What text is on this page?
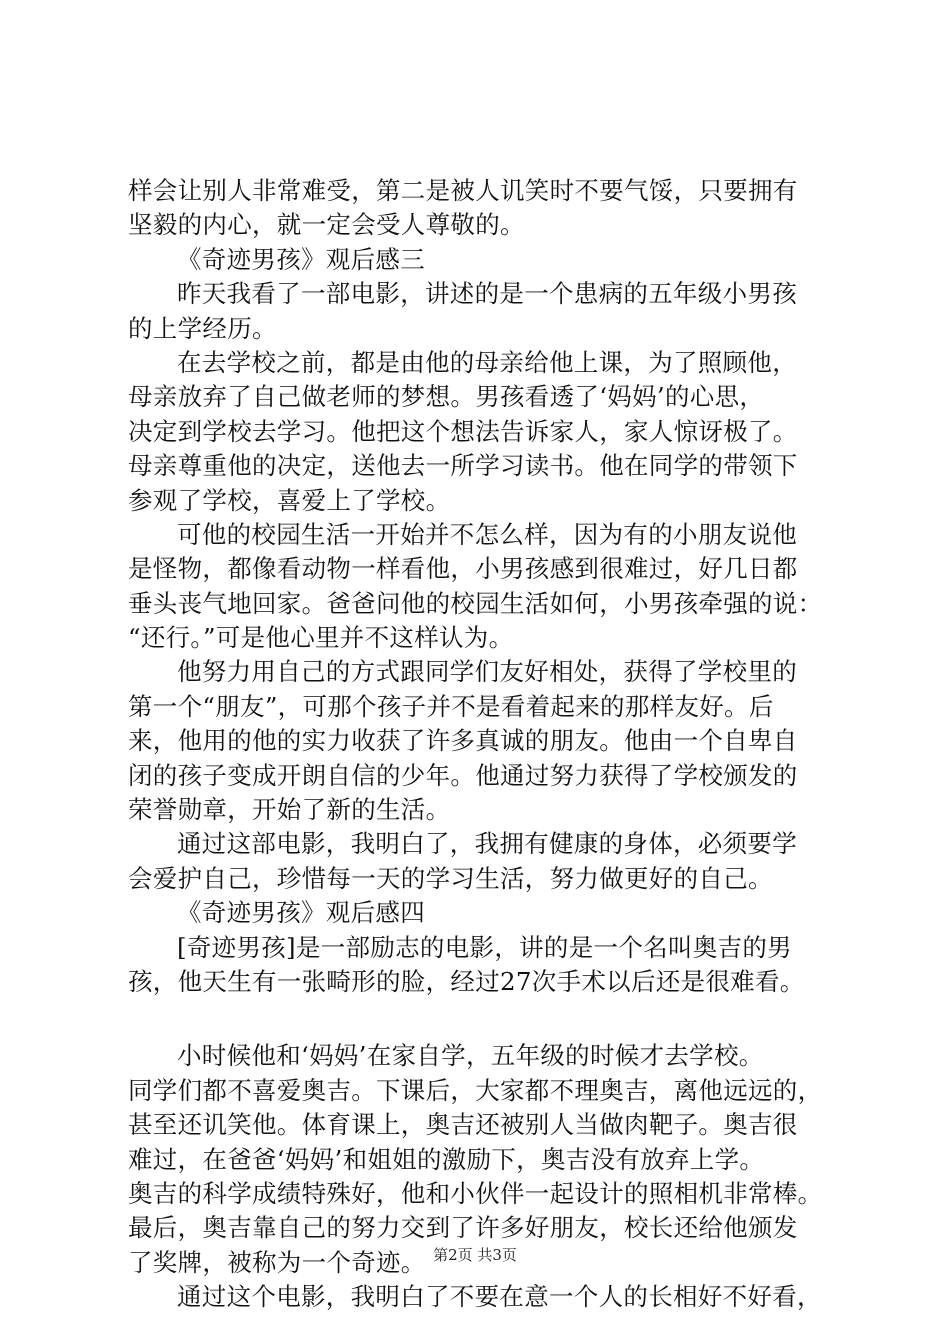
样会让别人非常难受，第二是被人讥笑时不要气馁，只要拥有
坚毅的内心，就一定会受人尊敬的。
《奇迹男孩》观后感三
昨天我看了一部电影，讲述的是一个患病的五年级小男孩
的上学经历。
在去学校之前，都是由他的母亲给他上课，为了照顾他，
母亲放弃了自己做老师的梦想。男孩看透了‘妈妈’的心思，
决定到学校去学习。他把这个想法告诉家人，家人惊讶极了。
母亲尊重他的决定，送他去一所学习读书。他在同学的带领下
参观了学校，喜爱上了学校。
可他的校园生活一开始并不怎么样，因为有的小朋友说他
是怪物，都像看动物一样看他，小男孩感到很难过，好几日都
垂头丧气地回家。爸爸问他的校园生活如何，小男孩牵强的说：
“还行。”可是他心里并不这样认为。
他努力用自己的方式跟同学们友好相处，获得了学校里的
第一个“朋友”，可那个孩子并不是看着起来的那样友好。后
来，他用的他的实力收获了许多真诚的朋友。他由一个自卑自
闭的孩子变成开朗自信的少年。他通过努力获得了学校颁发的
荣誉勋章，开始了新的生活。
通过这部电影，我明白了，我拥有健康的身体，必须要学
会爱护自己，珍惜每一天的学习生活，努力做更好的自己。
《奇迹男孩》观后感四
[奇迹男孩]是一部励志的电影，讲的是一个名叫奥吉的男
孩，他天生有一张畸形的脸，经过27次手术以后还是很难看。
小时候他和‘妈妈’在家自学，五年级的时候才去学校。
同学们都不喜爱奥吉。下课后，大家都不理奥吉，离他远远的，
甚至还讥笑他。体育课上，奥吉还被别人当做肉靶子。奥吉很
难过，在爸爸‘妈妈’和姐姐的激励下，奥吉没有放弃上学。
奥吉的科学成绩特殊好，他和小伙伴一起设计的照相机非常棒。
最后，奥吉靠自己的努力交到了许多好朋友，校长还给他颁发
了奖牌，被称为一个奇迹。
通过这个电影，我明白了不要在意一个人的长相好不好看，
第2页 共3页
